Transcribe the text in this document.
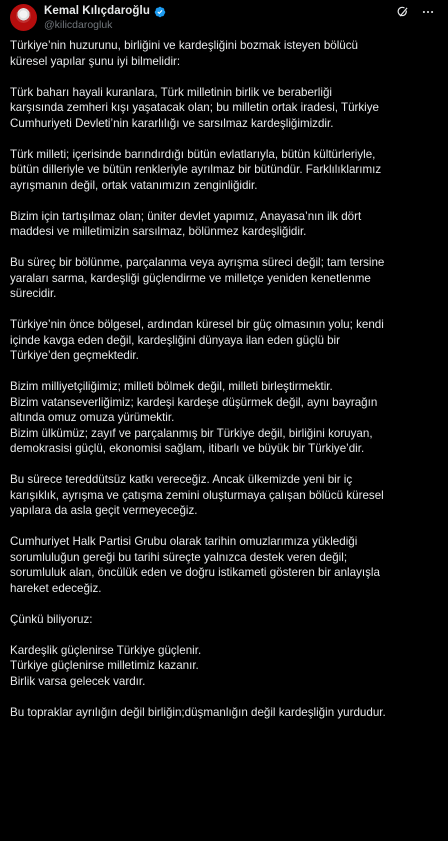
Kemal Kılıçdaroğlu
@kilicdarogluk
Türkiye’nin huzurunu, birliğini ve kardeşliğini bozmak isteyen bölücü
küresel yapılar şunu iyi bilmelidir:
Türk baharı hayali kuranlara, Türk milletinin birlik ve beraberliği
karşısında zemheri kışı yaşatacak olan; bu milletin ortak iradesi, Türkiye
Cumhuriyeti Devleti’nin kararlılığı ve sarsılmaz kardeşliğimizdir.
Türk milleti; içerisinde barındırdığı bütün evlatlarıyla, bütün kültürleriyle,
bütün dilleriyle ve bütün renkleriyle ayrılmaz bir bütündür. Farklılıklarımız
ayrışmanın değil, ortak vatanımızın zenginliğidir.
Bizim için tartışılmaz olan; üniter devlet yapımız, Anayasa’nın ilk dört
maddesi ve milletimizin sarsılmaz, bölünmez kardeşliğidir.
Bu süreç bir bölünme, parçalanma veya ayrışma süreci değil; tam tersine
yaraları sarma, kardeşliği güçlendirme ve milletçe yeniden kenetlenme
sürecidir.
Türkiye’nin önce bölgesel, ardından küresel bir güç olmasının yolu; kendi
içinde kavga eden değil, kardeşliğini dünyaya ilan eden güçlü bir
Türkiye’den geçmektedir.
Bizim milliyetçiliğimiz; milleti bölmek değil, milleti birleştirmektir.
Bizim vatanseverliğimiz; kardeşi kardeşe düşürmek değil, aynı bayrağın
altında omuz omuza yürümektir.
Bizim ülkümüz; zayıf ve parçalanmış bir Türkiye değil, birliğini koruyan,
demokrasisi güçlü, ekonomisi sağlam, itibarlı ve büyük bir Türkiye’dir.
Bu sürece tereddütsüz katkı vereceğiz. Ancak ülkemizde yeni bir iç
karışıklık, ayrışma ve çatışma zemini oluşturmaya çalışan bölücü küresel
yapılara da asla geçit vermeyeceğiz.
Cumhuriyet Halk Partisi Grubu olarak tarihin omuzlarımıza yüklediği
sorumluluğun gereği bu tarihi süreçte yalnızca destek veren değil;
sorumluluk alan, öncülük eden ve doğru istikameti gösteren bir anlayışla
hareket edeceğiz.
Çünkü biliyoruz:
Kardeşlik güçlenirse Türkiye güçlenir.
Türkiye güçlenirse milletimiz kazanır.
Birlik varsa gelecek vardır.
Bu topraklar ayrılığın değil birliğin;düşmanlığın değil kardeşliğin yurdudur.
